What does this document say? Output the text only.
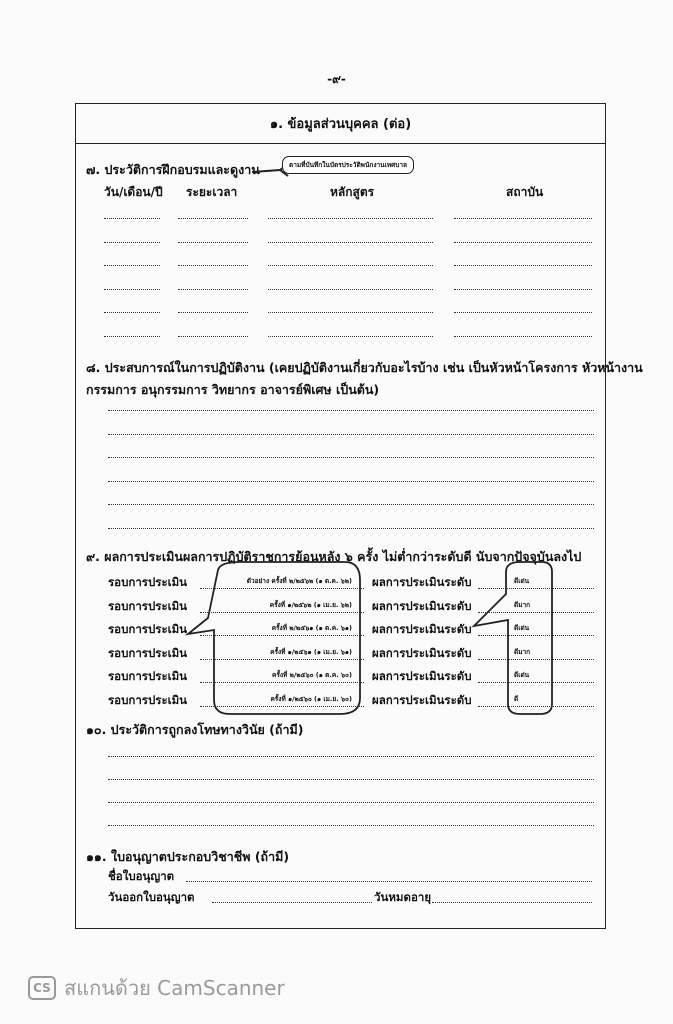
-๙-
๑. ข้อมูลส่วนบุคคล (ต่อ)
๗. ประวัติการฝึกอบรมและดูงาน	ตามที่บันทึกในบัตรประวัติพนักงานเทศบาล
วัน/เดือน/ปี ระยะเวลา	หลักสูตร	สถาบัน
๘. ประสบการณ์ในการปฏิบัติงาน (เคยปฏิบัติงานเกี่ยวกับอะไรบ้าง เช่น เป็นหัวหน้าโครงการ หัวหน้างาน
กรรมการ อนุกรรมการ วิทยากร อาจารย์พิเศษ เป็นต้น)
๙. ผลการประเมินผลการปฏิบัติราชการย้อนหลัง ๖ ครั้ง ไม่ต่ำกว่าระดับดี นับจากปัจจุบันลงไป
รอบการประเมิน	ตัวอย่าง ครั้งที่ ๒/๒๕๖๒ (๑ ต.ค. ๖๒) ผลการประเมินระดับ	ดีเด่น
รอบการประเมิน	ครั้งที่ ๑/๒๕๖๒ (๑ เม.ย. ๖๒) ผลการประเมินระดับ	ดีมาก
รอบการประเมิน	ครั้งที่ ๒/๒๕๖๑ (๑ ต.ค. ๖๑) ผลการประเมินระดับ	ดีเด่น
รอบการประเมิน	ครั้งที่ ๑/๒๕๖๑ (๑ เม.ย. ๖๑) ผลการประเมินระดับ	ดีมาก
รอบการประเมิน	ครั้งที่ ๒/๒๕๖๐ (๑ ต.ค. ๖๐) ผลการประเมินระดับ	ดีเด่น
รอบการประเมิน	ครั้งที่ ๑/๒๕๖๐ (๑ เม.ย. ๖๐) ผลการประเมินระดับ	ดี
๑๐. ประวัติการถูกลงโทษทางวินัย (ถ้ามี)
๑๑. ใบอนุญาตประกอบวิชาชีพ (ถ้ามี)
ชื่อใบอนุญาต
วันออกใบอนุญาต	วันหมดอายุ
CS สแกนด้วย CamScanner
